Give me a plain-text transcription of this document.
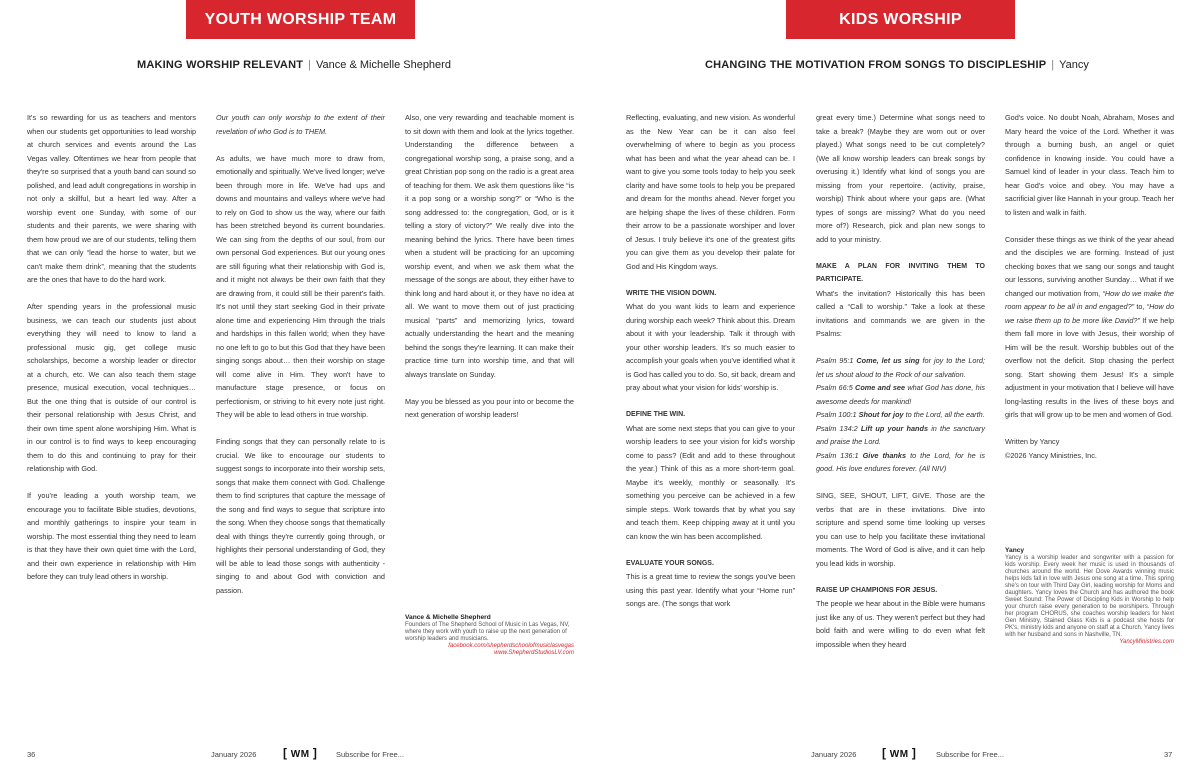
YOUTH WORSHIP TEAM
MAKING WORSHIP RELEVANT | Vance & Michelle Shepherd

It's so rewarding for us as teachers and mentors when our students get opportunities to lead worship at church services and events around the Las Vegas valley. Oftentimes we hear from people that they're so surprised that a youth band can sound so polished, and lead adult congregations in worship in not only a skillful, but a heart led way. After a worship event one Sunday, with some of our students and their parents, we were sharing with them how proud we are of our students, telling them that we can only “lead the horse to water, but we can't make them drink”, meaning that the students are the ones that have to do the hard work.

After spending years in the professional music business, we can teach our students just about everything they will need to know to land a professional music gig, get college music scholarships, become a worship leader or director at a church, etc. We can also teach them stage presence, musical execution, vocal techniques… But the one thing that is outside of our control is their personal relationship with Jesus Christ, and their own time spent alone worshiping Him. What is in our control is to find ways to keep encouraging them to do this and continuing to pray for their relationship with God.

If you're leading a youth worship team, we encourage you to facilitate Bible studies, devotions, and monthly gatherings to inspire your team in worship. The most essential thing they need to learn is that they have their own quiet time with the Lord, and their own experience in relationship with Him before they can truly lead others in worship.

Our youth can only worship to the extent of their revelation of who God is to THEM.

As adults, we have much more to draw from, emotionally and spiritually. We've lived longer; we've been through more in life. We've had ups and downs and mountains and valleys where we've had to rely on God to show us the way, where our faith has been stretched beyond its current boundaries. We can sing from the depths of our soul, from our own personal God experiences. But our young ones are still figuring what their relationship with God is, and it might not always be their own faith that they are drawing from, it could still be their parent's faith. It's not until they start seeking God in their private alone time and experiencing Him through the trials and hardships in this fallen world; when they have no one left to go to but this God that they have been singing songs about… then their worship on stage will come alive in Him. They won't have to manufacture stage presence, or focus on perfectionism, or striving to hit every note just right. They will be able to lead others in true worship.

Finding songs that they can personally relate to is crucial. We like to encourage our students to suggest songs to incorporate into their worship sets, songs that make them connect with God. Challenge them to find scriptures that capture the message of the song and find ways to segue that scripture into the song. When they choose songs that thematically deal with things they're currently going through, or highlights their personal understanding of God, they will be able to lead those songs with authenticity - singing to and about God with conviction and passion.

Also, one very rewarding and teachable moment is to sit down with them and look at the lyrics together. Understanding the difference between a congregational worship song, a praise song, and a great Christian pop song on the radio is a great area of teaching for them. We ask them questions like “is it a pop song or a worship song?” or “Who is the song addressed to: the congregation, God, or is it telling a story of victory?” We really dive into the meaning behind the lyrics. There have been times when a student will be practicing for an upcoming worship event, and when we ask them what the message of the songs are about, they either have to think long and hard about it, or they have no idea at all. We want to move them out of just practicing musical “parts” and memorizing lyrics, toward actually understanding the heart and the meaning behind the songs they're learning. It can make their practice time turn into worship time, and that will always translate on Sunday.

May you be blessed as you pour into or become the next generation of worship leaders!

Vance & Michelle Shepherd
Founders of The Shepherd School of Music in Las Vegas, NV, where they work with youth to raise up the next generation of worship leaders and musicians.
facebook.com/shepherdschoolofmusiclasvegas
www.ShepherdStudiosLV.com
36	January 2026 [ WM ] Subscribe for Free...
KIDS WORSHIP
CHANGING THE MOTIVATION FROM SONGS TO DISCIPLESHIP | Yancy

Reflecting, evaluating, and new vision. As wonderful as the New Year can be it can also feel overwhelming of where to begin as you process what has been and what the year ahead can be. I want to give you some tools today to help you seek clarity and have some tools to help you be prepared and dream for the months ahead. Never forget you are helping shape the lives of these children. Form their arrow to be a passionate worshiper and lover of Jesus. I truly believe it's one of the greatest gifts you can give them as you develop their palate for God and His Kingdom ways.

WRITE THE VISION DOWN.

What do you want kids to learn and experience during worship each week? Think about this. Dream about it with your leadership. Talk it through with your other worship leaders. It's so much easier to accomplish your goals when you've identified what it is God has called you to do. So, sit back, dream and pray about what your vision for kids' worship is.

DEFINE THE WIN.

What are some next steps that you can give to your worship leaders to see your vision for kid's worship come to pass? (Edit and add to these throughout the year.) Think of this as a more short-term goal. Maybe it's weekly, monthly or seasonally. It's something you perceive can be achieved in a few simple steps. Work towards that by what you say and teach them. Keep chipping away at it until you can know the win has been accomplished.

EVALUATE YOUR SONGS.

This is a great time to review the songs you've been using this past year. Identify what your “Home run” songs are. (The songs that work

great every time.) Determine what songs need to take a break? (Maybe they are worn out or over played.) What songs need to be cut completely? (We all know worship leaders can break songs by overusing it.) Identify what kind of songs you are missing from your repertoire. (activity, praise, worship) Think about where your gaps are. (What types of songs are missing? What do you need more of?) Research, pick and plan new songs to add to your ministry.

MAKE A PLAN FOR INVITING THEM TO PARTICIPATE.

What's the invitation? Historically this has been called a “Call to worship.” Take a look at these invitations and commands we are given in the Psalms:

Psalm 95:1 Come, let us sing for joy to the Lord; let us shout aloud to the Rock of our salvation.
Psalm 66:5 Come and see what God has done, his awesome deeds for mankind!
Psalm 100:1 Shout for joy to the Lord, all the earth.
Psalm 134:2 Lift up your hands in the sanctuary and praise the Lord.
Psalm 136:1 Give thanks to the Lord, for he is good. His love endures forever. (All NIV)

SING, SEE, SHOUT, LIFT, GIVE. Those are the verbs that are in these invitations. Dive into scripture and spend some time looking up verses you can use to help you facilitate these invitational moments. The Word of God is alive, and it can help you lead kids in worship.

RAISE UP CHAMPIONS FOR JESUS.

The people we hear about in the Bible were humans just like any of us. They weren't perfect but they had bold faith and were willing to do even what felt impossible when they heard

God's voice. No doubt Noah, Abraham, Moses and Mary heard the voice of the Lord. Whether it was through a burning bush, an angel or quiet confidence in knowing inside. You could have a Samuel kind of leader in your class. Teach him to hear God's voice and obey. You may have a sacrificial giver like Hannah in your group. Teach her to listen and walk in faith.

Consider these things as we think of the year ahead and the disciples we are forming. Instead of just checking boxes that we sang our songs and taught our lessons, surviving another Sunday… What if we changed our motivation from, “How do we make the room appear to be all in and engaged?” to, “How do we raise them up to be more like David?” If we help them fall more in love with Jesus, their worship of Him will be the result. Worship bubbles out of the overflow not the deficit. Stop chasing the perfect song. Start showing them Jesus! It's a simple adjustment in your motivation that I believe will have long-lasting results in the lives of these boys and girls that will grow up to be men and women of God.

Written by Yancy

©2026 Yancy Ministries, Inc.

Yancy
Yancy is a worship leader and songwriter with a passion for kids worship. Every week her music is used in thousands of churches around the world. Her Dove Awards winning music helps kids fall in love with Jesus one song at a time. This spring she's on tour with Third Day Girl, leading worship for Moms and daughters. Yancy loves the Church and has authored the book Sweet Sound: The Power of Discipling Kids in Worship to help your church raise every generation to be worshipers. Through her program CHORUS, she coaches worship leaders for Next Gen Ministry, Stained Glass Kids is a podcast she hosts for PK's, ministry kids and anyone on staff at a Church. Yancy lives with her husband and sons in Nashville, TN.
YancyMinistries.com
January 2026 [ WM ]	Subscribe for Free...	37
